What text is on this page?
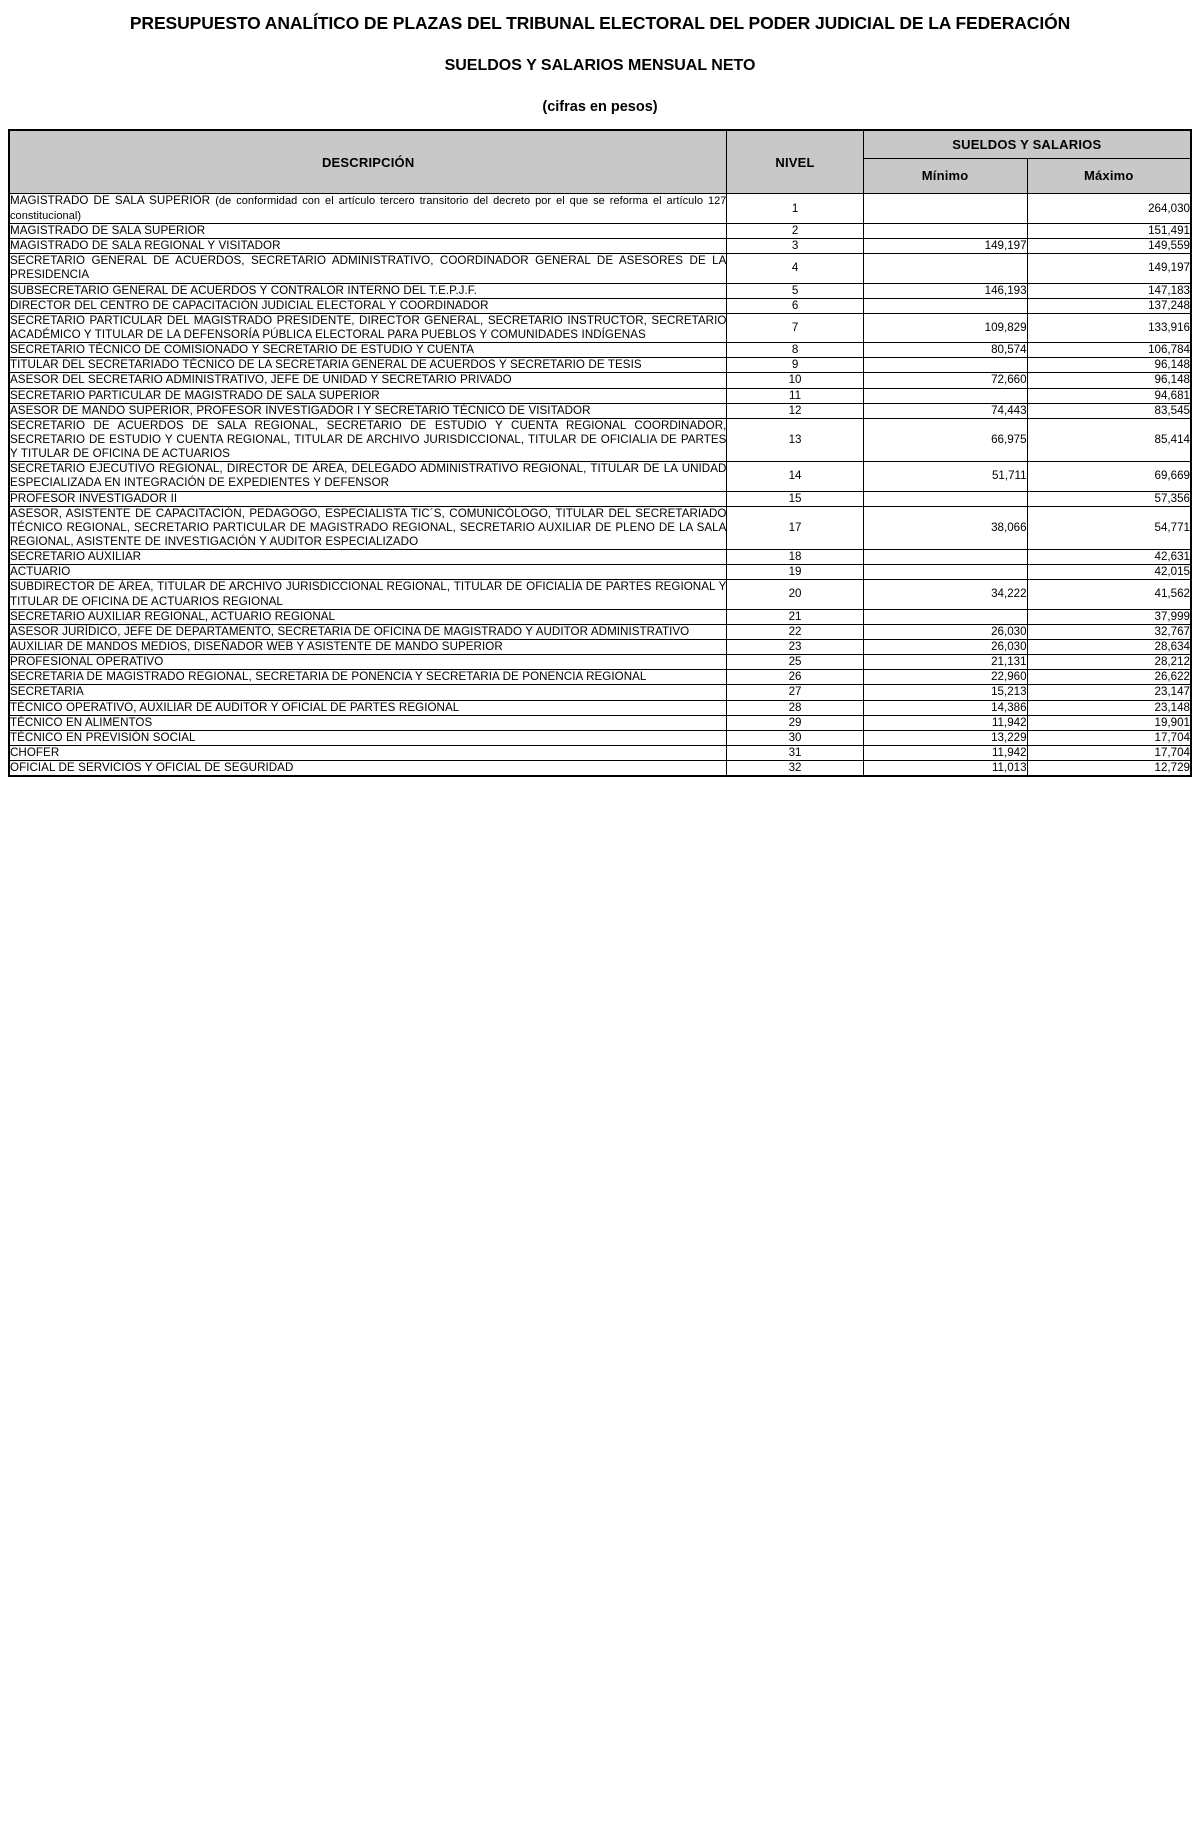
PRESUPUESTO ANALÍTICO DE PLAZAS DEL TRIBUNAL ELECTORAL DEL PODER JUDICIAL DE LA FEDERACIÓN
SUELDOS Y SALARIOS MENSUAL NETO
(cifras en pesos)
DESCRIPCIÓN	NIVEL	SUELDOS Y SALARIOS	
		Mínimo	Máximo
MAGISTRADO DE SALA SUPERIOR (de conformidad con el artículo tercero transitorio del decreto por el que se reforma el artículo 127 constitucional)	1		264,030
MAGISTRADO DE SALA SUPERIOR	2		151,491
MAGISTRADO DE SALA REGIONAL Y VISITADOR	3	149,197	149,559
SECRETARIO GENERAL DE ACUERDOS, SECRETARIO ADMINISTRATIVO, COORDINADOR GENERAL DE ASESORES DE LA PRESIDENCIA	4		149,197
SUBSECRETARIO GENERAL DE ACUERDOS Y CONTRALOR INTERNO DEL T.E.P.J.F.	5	146,193	147,183
DIRECTOR DEL CENTRO DE CAPACITACIÓN JUDICIAL ELECTORAL Y COORDINADOR	6		137,248
SECRETARIO PARTICULAR DEL MAGISTRADO PRESIDENTE, DIRECTOR GENERAL, SECRETARIO INSTRUCTOR, SECRETARIO ACADÉMICO Y TITULAR DE LA DEFENSORÍA PÚBLICA ELECTORAL PARA PUEBLOS Y COMUNIDADES INDÍGENAS	7	109,829	133,916
SECRETARIO TÉCNICO DE COMISIONADO Y SECRETARIO DE ESTUDIO Y CUENTA	8	80,574	106,784
TITULAR DEL SECRETARIADO TÉCNICO DE LA SECRETARIA GENERAL DE ACUERDOS Y SECRETARIO DE TESIS	9		96,148
ASESOR DEL SECRETARIO ADMINISTRATIVO, JEFE DE UNIDAD Y SECRETARIO PRIVADO	10	72,660	96,148
SECRETARIO PARTICULAR DE MAGISTRADO DE SALA SUPERIOR	11		94,681
ASESOR DE MANDO SUPERIOR, PROFESOR INVESTIGADOR I Y SECRETARIO TÉCNICO DE VISITADOR	12	74,443	83,545
SECRETARIO DE ACUERDOS DE SALA REGIONAL, SECRETARIO DE ESTUDIO Y CUENTA REGIONAL COORDINADOR, SECRETARIO DE ESTUDIO Y CUENTA REGIONAL, TITULAR DE ARCHIVO JURISDICCIONAL, TITULAR DE OFICIALIA DE PARTES Y TITULAR DE OFICINA DE ACTUARIOS	13	66,975	85,414
SECRETARIO EJECUTIVO REGIONAL, DIRECTOR DE ÁREA, DELEGADO ADMINISTRATIVO REGIONAL, TITULAR DE LA UNIDAD ESPECIALIZADA EN INTEGRACIÓN DE EXPEDIENTES Y DEFENSOR	14	51,711	69,669
PROFESOR INVESTIGADOR II	15		57,356
ASESOR, ASISTENTE DE CAPACITACIÓN, PEDAGOGO, ESPECIALISTA TIC´S, COMUNICÓLOGO, TITULAR DEL SECRETARIADO TÉCNICO REGIONAL, SECRETARIO PARTICULAR DE MAGISTRADO REGIONAL, SECRETARIO AUXILIAR DE PLENO DE LA SALA REGIONAL, ASISTENTE DE INVESTIGACIÓN Y AUDITOR ESPECIALIZADO	17	38,066	54,771
SECRETARIO AUXILIAR	18		42,631
ACTUARIO	19		42,015
SUBDIRECTOR DE ÁREA, TITULAR DE ARCHIVO JURISDICCIONAL REGIONAL, TITULAR DE OFICIALÍA DE PARTES REGIONAL Y TITULAR DE OFICINA DE ACTUARIOS REGIONAL	20	34,222	41,562
SECRETARIO AUXILIAR REGIONAL, ACTUARIO REGIONAL	21		37,999
ASESOR JURÍDICO, JEFE DE DEPARTAMENTO, SECRETARIA DE OFICINA DE MAGISTRADO Y AUDITOR ADMINISTRATIVO	22	26,030	32,767
AUXILIAR DE MANDOS MEDIOS, DISEÑADOR WEB Y ASISTENTE DE MANDO SUPERIOR	23	26,030	28,634
PROFESIONAL OPERATIVO	25	21,131	28,212
SECRETARIA DE MAGISTRADO REGIONAL, SECRETARIA DE PONENCIA Y SECRETARIA DE PONENCIA REGIONAL	26	22,960	26,622
SECRETARIA	27	15,213	23,147
TÉCNICO OPERATIVO, AUXILIAR DE AUDITOR Y OFICIAL DE PARTES REGIONAL	28	14,386	23,148
TÉCNICO EN ALIMENTOS	29	11,942	19,901
TÉCNICO EN PREVISIÓN SOCIAL	30	13,229	17,704
CHOFER	31	11,942	17,704
OFICIAL DE SERVICIOS Y OFICIAL DE SEGURIDAD	32	11,013	12,729
